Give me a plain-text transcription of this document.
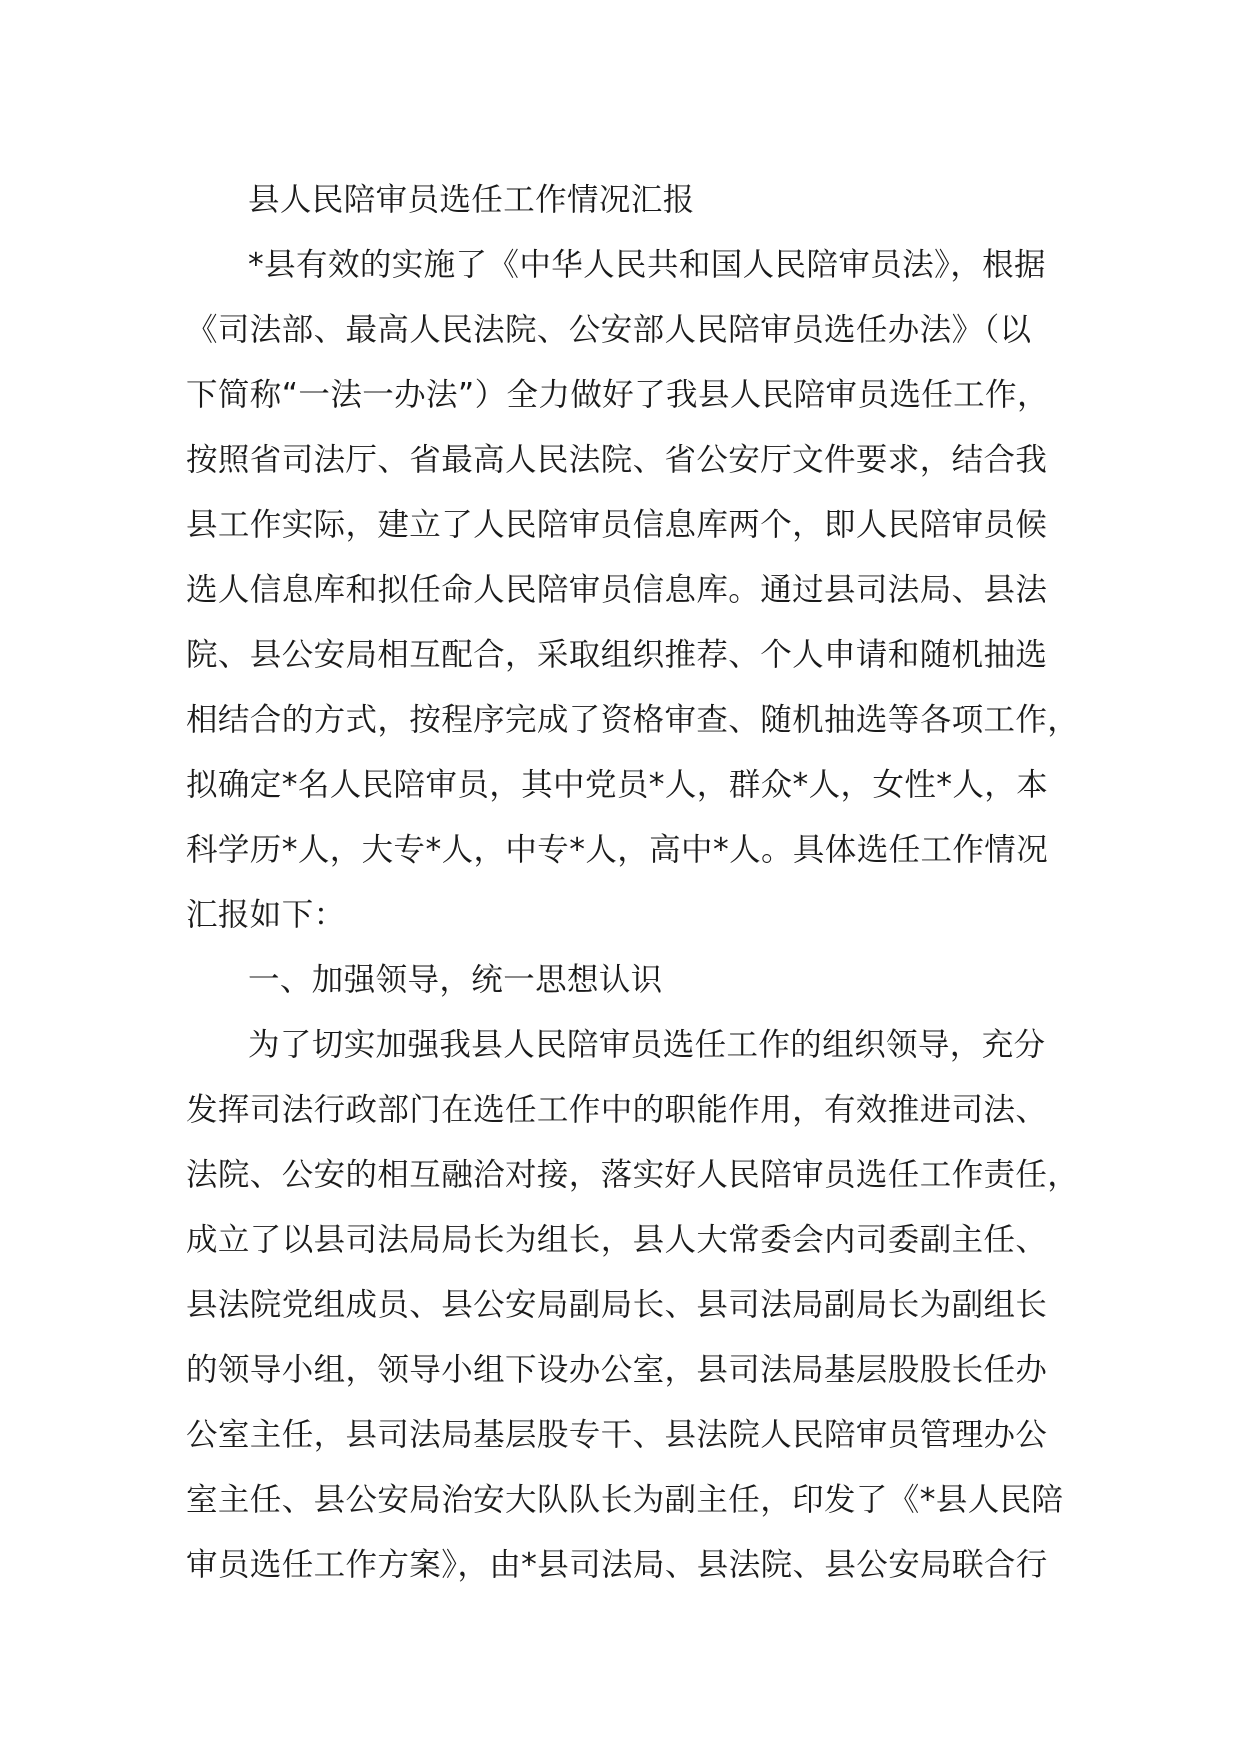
县人民陪审员选任工作情况汇报
*县有效的实施了《中华人民共和国人民陪审员法》，根据
《司法部、最高人民法院、公安部人民陪审员选任办法》（以
下简称“一法一办法”）全力做好了我县人民陪审员选任工作，
按照省司法厅、省最高人民法院、省公安厅文件要求，结合我
县工作实际，建立了人民陪审员信息库两个，即人民陪审员候
选人信息库和拟任命人民陪审员信息库。通过县司法局、县法
院、县公安局相互配合，采取组织推荐、个人申请和随机抽选
相结合的方式，按程序完成了资格审查、随机抽选等各项工作，
拟确定*名人民陪审员，其中党员*人，群众*人，女性*人，本
科学历*人，大专*人，中专*人，高中*人。具体选任工作情况
汇报如下：
一、加强领导，统一思想认识
为了切实加强我县人民陪审员选任工作的组织领导，充分
发挥司法行政部门在选任工作中的职能作用，有效推进司法、
法院、公安的相互融洽对接，落实好人民陪审员选任工作责任，
成立了以县司法局局长为组长，县人大常委会内司委副主任、
县法院党组成员、县公安局副局长、县司法局副局长为副组长
的领导小组，领导小组下设办公室，县司法局基层股股长任办
公室主任，县司法局基层股专干、县法院人民陪审员管理办公
室主任、县公安局治安大队队长为副主任，印发了《*县人民陪
审员选任工作方案》，由*县司法局、县法院、县公安局联合行
